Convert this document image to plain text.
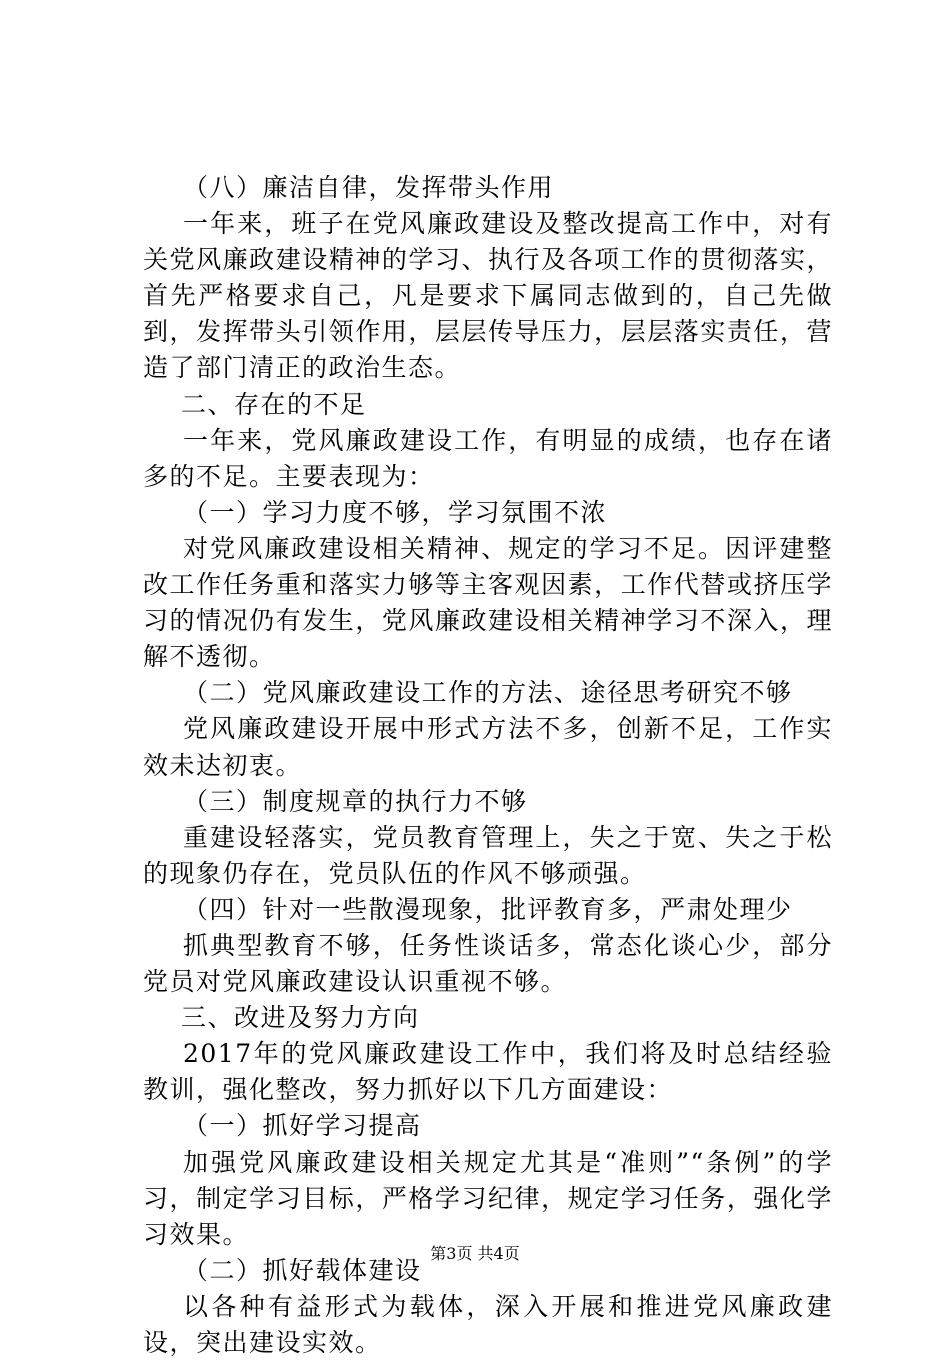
（八）廉洁自律，发挥带头作用

一年来，班子在党风廉政建设及整改提高工作中，对有关党风廉政建设精神的学习、执行及各项工作的贯彻落实，首先严格要求自己，凡是要求下属同志做到的，自己先做到，发挥带头引领作用，层层传导压力，层层落实责任，营造了部门清正的政治生态。

二、存在的不足

一年来，党风廉政建设工作，有明显的成绩，也存在诸多的不足。主要表现为：

（一）学习力度不够，学习氛围不浓

对党风廉政建设相关精神、规定的学习不足。因评建整改工作任务重和落实力够等主客观因素，工作代替或挤压学习的情况仍有发生，党风廉政建设相关精神学习不深入，理解不透彻。

（二）党风廉政建设工作的方法、途径思考研究不够

党风廉政建设开展中形式方法不多，创新不足，工作实效未达初衷。

（三）制度规章的执行力不够

重建设轻落实，党员教育管理上，失之于宽、失之于松的现象仍存在，党员队伍的作风不够顽强。

（四）针对一些散漫现象，批评教育多，严肃处理少

抓典型教育不够，任务性谈话多，常态化谈心少，部分党员对党风廉政建设认识重视不够。

三、改进及努力方向

2017年的党风廉政建设工作中，我们将及时总结经验教训，强化整改，努力抓好以下几方面建设：

（一）抓好学习提高

加强党风廉政建设相关规定尤其是“准则”“条例”的学习，制定学习目标，严格学习纪律，规定学习任务，强化学习效果。

（二）抓好载体建设

以各种有益形式为载体，深入开展和推进党风廉政建设，突出建设实效。

第3页 共4页
